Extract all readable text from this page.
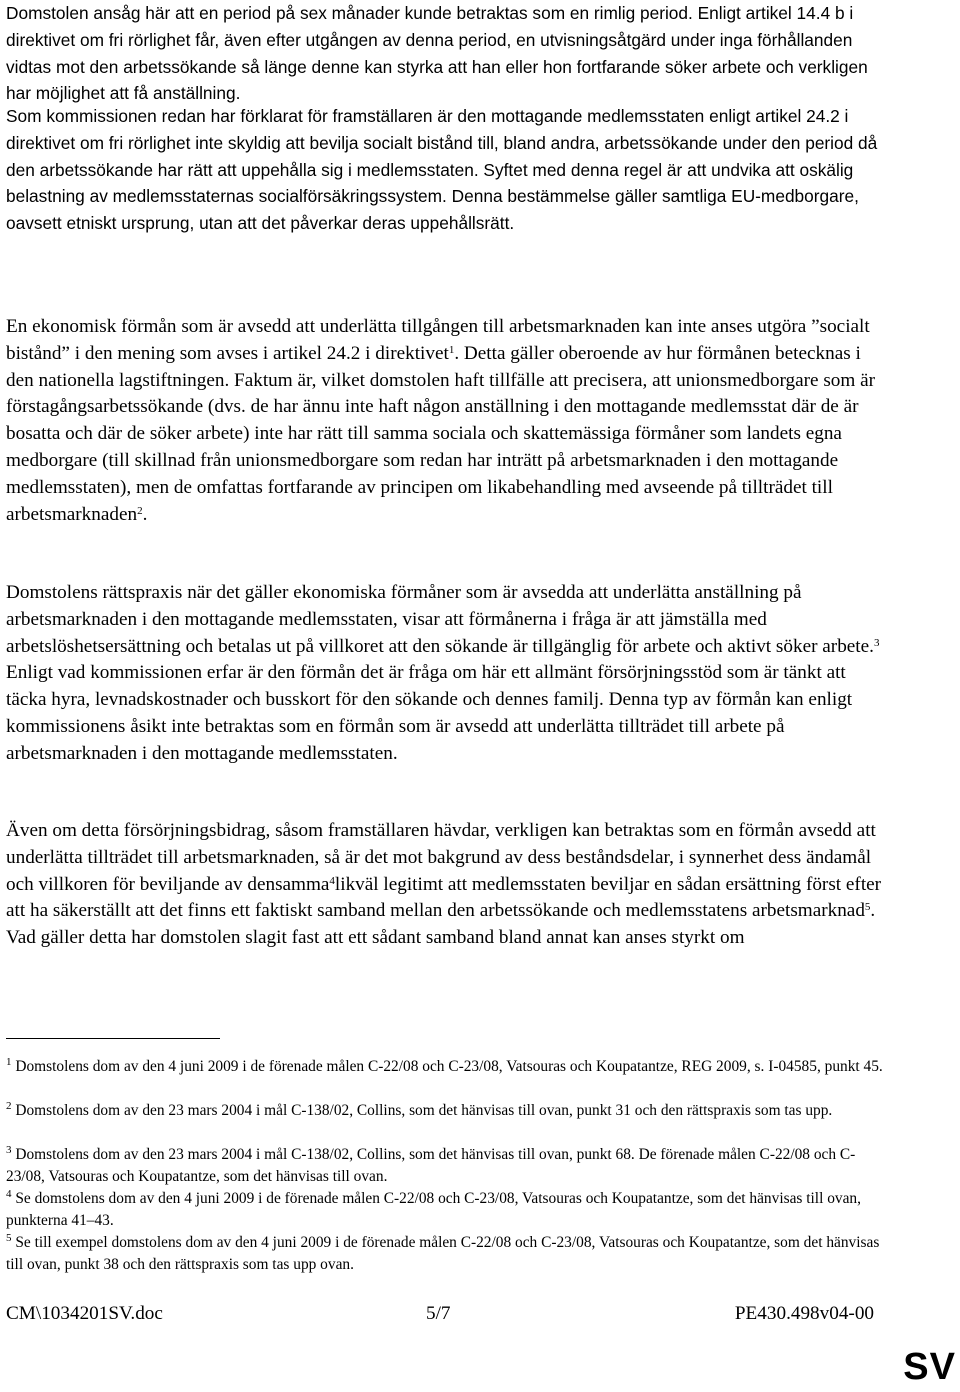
Domstolen ansåg här att en period på sex månader kunde betraktas som en rimlig period. Enligt artikel 14.4 b i direktivet om fri rörlighet får, även efter utgången av denna period, en utvisningsåtgärd under inga förhållanden vidtas mot den arbetssökande så länge denne kan styrka att han eller hon fortfarande söker arbete och verkligen har möjlighet att få anställning.

Som kommissionen redan har förklarat för framställaren är den mottagande medlemsstaten enligt artikel 24.2 i direktivet om fri rörlighet inte skyldig att bevilja socialt bistånd till, bland andra, arbetssökande under den period då den arbetssökande har rätt att uppehålla sig i medlemsstaten. Syftet med denna regel är att undvika att oskälig belastning av medlemsstaternas socialförsäkringssystem. Denna bestämmelse gäller samtliga EU-medborgare, oavsett etniskt ursprung, utan att det påverkar deras uppehållsrätt.

En ekonomisk förmån som är avsedd att underlätta tillgången till arbetsmarknaden kan inte anses utgöra ”socialt bistånd” i den mening som avses i artikel 24.2 i direktivet$^1$. Detta gäller oberoende av hur förmånen betecknas i den nationella lagstiftningen. Faktum är, vilket domstolen haft tillfälle att precisera, att unionsmedborgare som är förstagångsarbetssökande (dvs. de har ännu inte haft någon anställning i den mottagande medlemsstat där de är bosatta och där de söker arbete) inte har rätt till samma sociala och skattemässiga förmåner som landets egna medborgare (till skillnad från unionsmedborgare som redan har inträtt på arbetsmarknaden i den mottagande medlemsstaten), men de omfattas fortfarande av principen om likabehandling med avseende på tillträdet till arbetsmarknaden$^2$.

Domstolens rättspraxis när det gäller ekonomiska förmåner som är avsedda att underlätta anställning på arbetsmarknaden i den mottagande medlemsstaten, visar att förmånerna i fråga är att jämställa med arbetslöshetsersättning och betalas ut på villkoret att den sökande är tillgänglig för arbete och aktivt söker arbete.$^3$ Enligt vad kommissionen erfar är den förmån det är fråga om här ett allmänt försörjningsstöd som är tänkt att täcka hyra, levnadskostnader och busskort för den sökande och dennes familj. Denna typ av förmån kan enligt kommissionens åsikt inte betraktas som en förmån som är avsedd att underlätta tillträdet till arbete på arbetsmarknaden i den mottagande medlemsstaten.

Även om detta försörjningsbidrag, såsom framställaren hävdar, verkligen kan betraktas som en förmån avsedd att underlätta tillträdet till arbetsmarknaden, så är det mot bakgrund av dess beståndsdelar, i synnerhet dess ändamål och villkoren för beviljande av densamma$^4$likväl legitimt att medlemsstaten beviljar en sådan ersättning först efter att ha säkerställt att det finns ett faktiskt samband mellan den arbetssökande och medlemsstatens arbetsmarknad$^5$. Vad gäller detta har domstolen slagit fast att ett sådant samband bland annat kan anses styrkt om

$^1$ Domstolens dom av den 4 juni 2009 i de förenade målen C-22/08 och C-23/08, Vatsouras och Koupatantze, REG 2009, s. I-04585, punkt 45.

$^2$ Domstolens dom av den 23 mars 2004 i mål C-138/02, Collins, som det hänvisas till ovan, punkt 31 och den rättspraxis som tas upp.

$^3$ Domstolens dom av den 23 mars 2004 i mål C-138/02, Collins, som det hänvisas till ovan, punkt 68. De förenade målen C-22/08 och C-23/08, Vatsouras och Koupatantze, som det hänvisas till ovan.

$^4$ Se domstolens dom av den 4 juni 2009 i de förenade målen C-22/08 och C-23/08, Vatsouras och Koupatantze, som det hänvisas till ovan, punkterna 41–43.

$^5$ Se till exempel domstolens dom av den 4 juni 2009 i de förenade målen C-22/08 och C-23/08, Vatsouras och Koupatantze, som det hänvisas till ovan, punkt 38 och den rättspraxis som tas upp ovan.

CM\1034201SV.doc	5/7	PE430.498v04-00
SV
